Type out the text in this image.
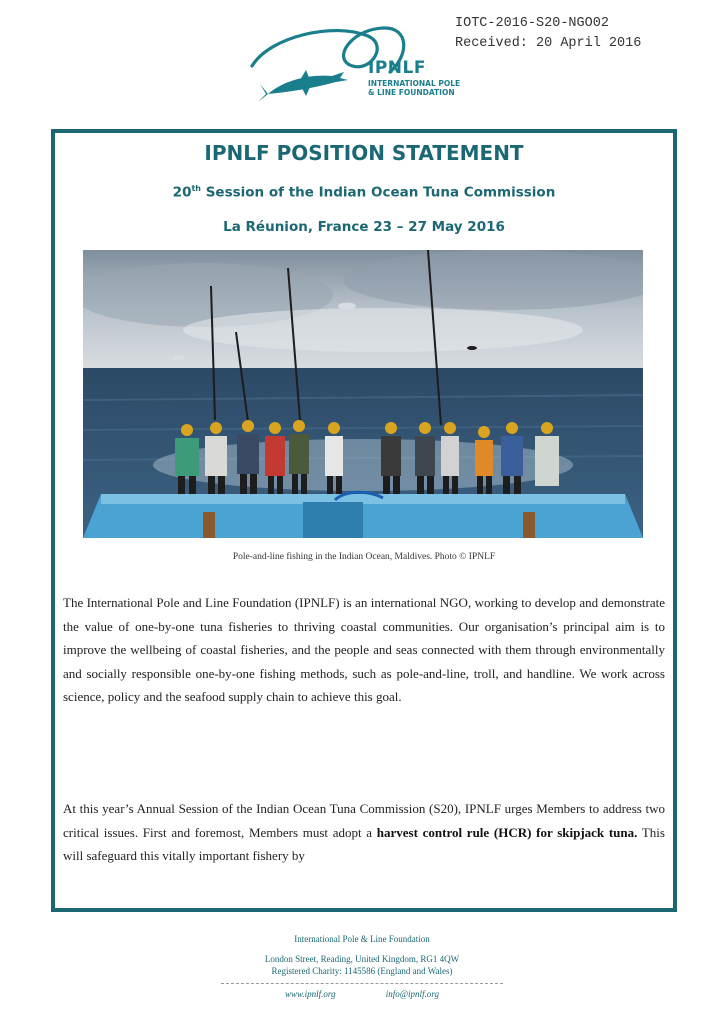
IOTC-2016-S20-NGO02
Received: 20 April 2016
IPNLF
INTERNATIONAL POLE
& LINE FOUNDATION
IPNLF POSITION STATEMENT
20th Session of the Indian Ocean Tuna Commission
La Réunion, France 23 – 27 May 2016
Pole-and-line fishing in the Indian Ocean, Maldives. Photo © IPNLF

The International Pole and Line Foundation (IPNLF) is an international NGO, working to develop and demonstrate the value of one-by-one tuna fisheries to thriving coastal communities. Our organisation’s principal aim is to improve the wellbeing of coastal fisheries, and the people and seas connected with them through environmentally and socially responsible one-by-one fishing methods, such as pole-and-line, troll, and handline. We work across science, policy and the seafood supply chain to achieve this goal.

At this year’s Annual Session of the Indian Ocean Tuna Commission (S20), IPNLF urges Members to address two critical issues. First and foremost, Members must adopt a harvest control rule (HCR) for skipjack tuna. This will safeguard this vitally important fishery by

International Pole & Line Foundation
London Street, Reading, United Kingdom, RG1 4QW
Registered Charity: 1145586 (England and Wales)
www.ipnlf.org	info@ipnlf.org
